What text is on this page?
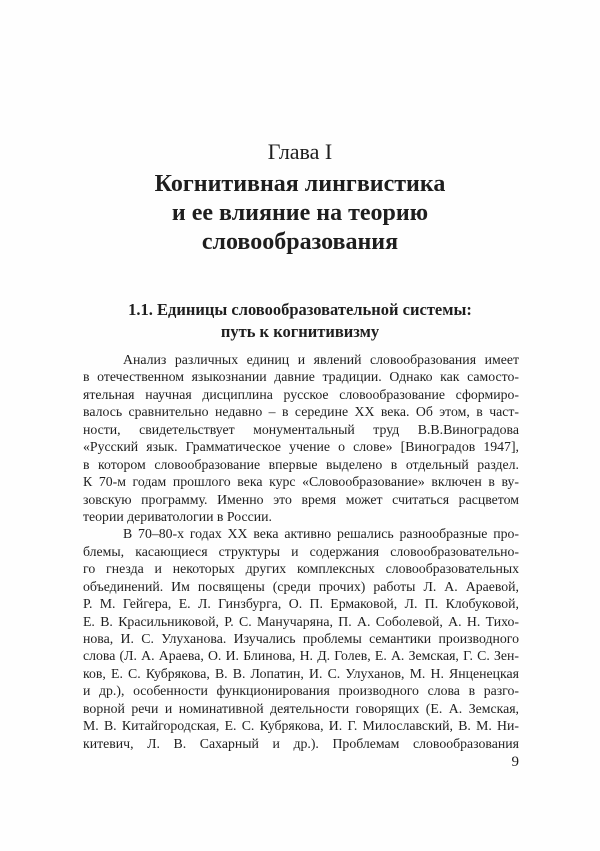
Глава I
Когнитивная лингвистика
и ее влияние на теорию
словообразования
1.1. Единицы словообразовательной системы:
путь к когнитивизму
Анализ различных единиц и явлений словообразования имеет
в отечественном языкознании давние традиции. Однако как самосто-
ятельная научная дисциплина русское словообразование сформиро-
валось сравнительно недавно – в середине XX века. Об этом, в част-
ности, свидетельствует монументальный труд В.В.Виноградова
«Русский язык. Грамматическое учение о слове» [Виноградов 1947],
в котором словообразование впервые выделено в отдельный раздел.
К 70-м годам прошлого века курс «Словообразование» включен в ву-
зовскую программу. Именно это время может считаться расцветом
теории дериватологии в России.
В 70–80-х годах XX века активно решались разнообразные про-
блемы, касающиеся структуры и содержания словообразовательно-
го гнезда и некоторых других комплексных словообразовательных
объединений. Им посвящены (среди прочих) работы Л. А. Араевой,
Р. М. Гейгера, Е. Л. Гинзбурга, О. П. Ермаковой, Л. П. Клобуковой,
Е. В. Красильниковой, Р. С. Манучаряна, П. А. Соболевой, А. Н. Тихо-
нова, И. С. Улуханова. Изучались проблемы семантики производного
слова (Л. А. Араева, О. И. Блинова, Н. Д. Голев, Е. А. Земская, Г. С. Зен-
ков, Е. С. Кубрякова, В. В. Лопатин, И. С. Улуханов, М. Н. Янценецкая
и др.), особенности функционирования производного слова в разго-
ворной речи и номинативной деятельности говорящих (Е. А. Земская,
М. В. Китайгородская, Е. С. Кубрякова, И. Г. Милославский, В. М. Ни-
китевич, Л. В. Сахарный и др.). Проблемам словообразования
9
